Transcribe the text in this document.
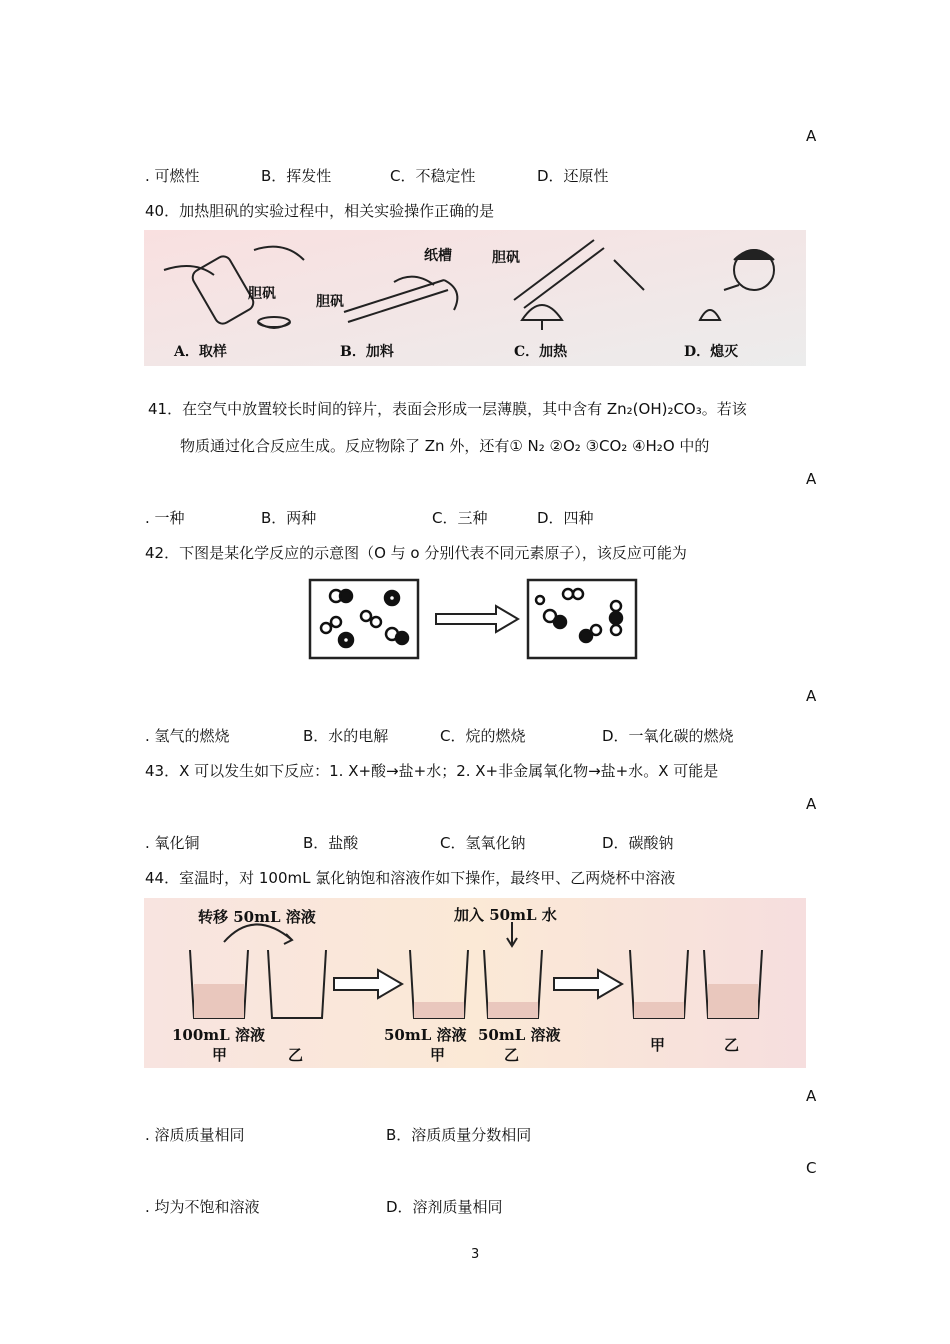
A
. 可燃性	B．挥发性	C．不稳定性	D．还原性
40．加热胆矾的实验过程中，相关实验操作正确的是
胆矾
纸槽
胆矾
胆矾
A．取样	B．加料	C．加热	D．熄灭
41．在空气中放置较长时间的锌片，表面会形成一层薄膜，其中含有 Zn₂(OH)₂CO₃。若该
物质通过化合反应生成。反应物除了 Zn 外，还有① N₂ ②O₂ ③CO₂ ④H₂O 中的
A
. 一种	B．两种	C．三种	D．四种
42．下图是某化学反应的示意图（O 与 o 分别代表不同元素原子），该反应可能为
A
. 氢气的燃烧	B．水的电解	C．烷的燃烧	D．一氧化碳的燃烧
43．X 可以发生如下反应：1. X+酸→盐+水；2. X+非金属氧化物→盐+水。X 可能是
A
. 氧化铜	B．盐酸	C．氢氧化钠	D．碳酸钠
44．室温时，对 100mL 氯化钠饱和溶液作如下操作，最终甲、乙两烧杯中溶液
转移 50mL 溶液	加入 50mL 水
100mL 溶液
甲	乙
50mL 溶液 50mL 溶液
甲	乙
甲	乙
A
. 溶质质量相同	B．溶质质量分数相同
C
. 均为不饱和溶液	D．溶剂质量相同
3
